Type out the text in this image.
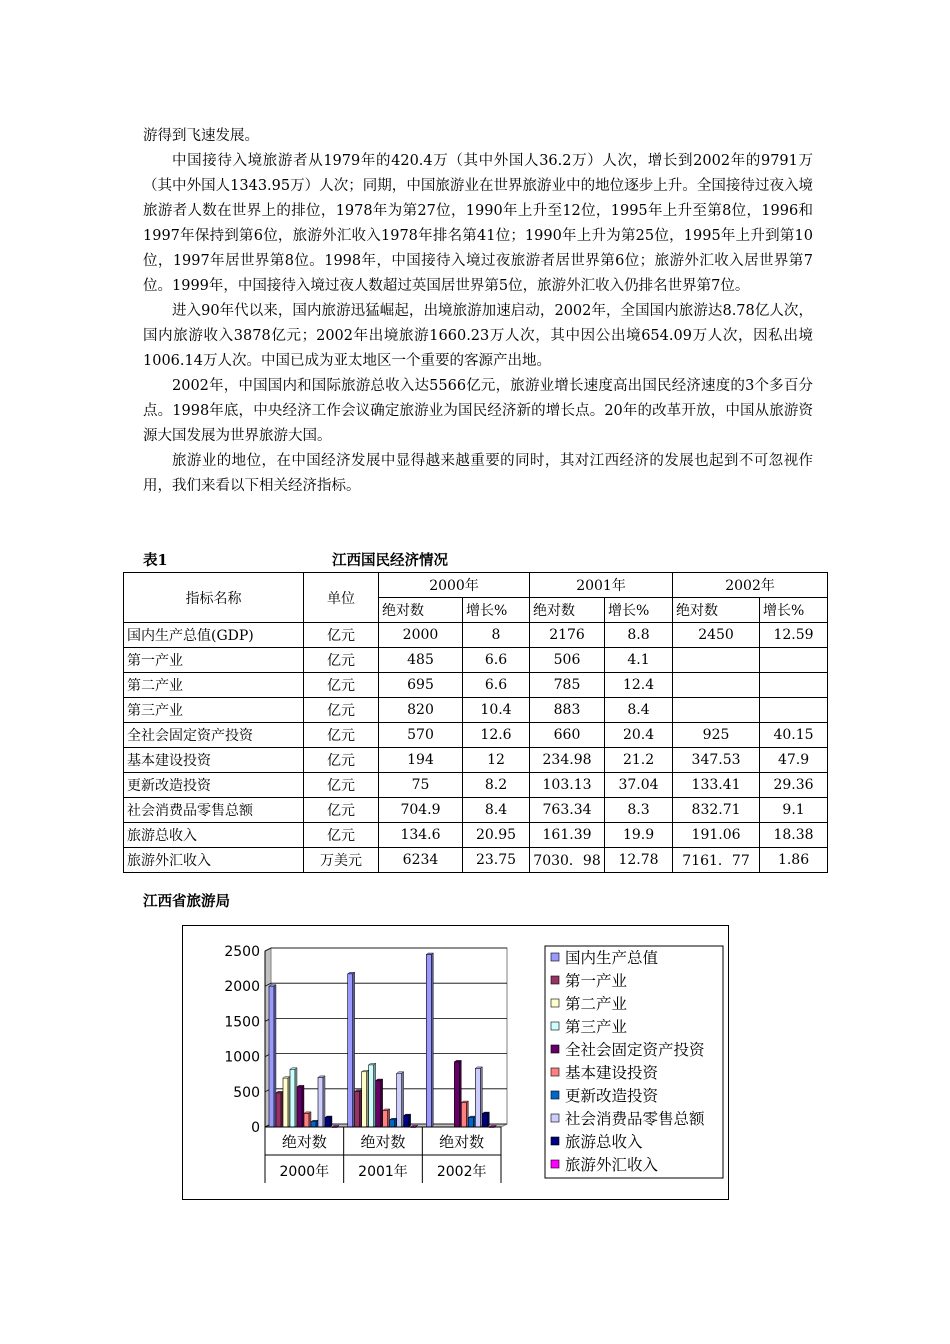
游得到飞速发展。

中国接待入境旅游者从1979年的420.4万（其中外国人36.2万）人次，增长到2002年的9791万（其中外国人1343.95万）人次；同期，中国旅游业在世界旅游业中的地位逐步上升。全国接待过夜入境旅游者人数在世界上的排位，1978年为第27位，1990年上升至12位，1995年上升至第8位，1996和1997年保持到第6位，旅游外汇收入1978年排名第41位；1990年上升为第25位，1995年上升到第10位，1997年居世界第8位。1998年，中国接待入境过夜旅游者居世界第6位；旅游外汇收入居世界第7位。1999年，中国接待入境过夜人数超过英国居世界第5位，旅游外汇收入仍排名世界第7位。

进入90年代以来，国内旅游迅猛崛起，出境旅游加速启动，2002年，全国国内旅游达8.78亿人次，国内旅游收入3878亿元；2002年出境旅游1660.23万人次，其中因公出境654.09万人次，因私出境1006.14万人次。中国已成为亚太地区一个重要的客源产出地。

2002年，中国国内和国际旅游总收入达5566亿元，旅游业增长速度高出国民经济速度的3个多百分点。1998年底，中央经济工作会议确定旅游业为国民经济新的增长点。20年的改革开放，中国从旅游资源大国发展为世界旅游大国。

旅游业的地位，在中国经济发展中显得越来越重要的同时，其对江西经济的发展也起到不可忽视作用，我们来看以下相关经济指标。

表1	江西国民经济情况
指标名称	单位	2000年		2001年		2002年	
		绝对数	增长%	绝对数	增长%	绝对数	增长%
国内生产总值(GDP)	亿元	2000	8	2176	8.8	2450	12.59
第一产业	亿元	485	6.6	506	4.1		
第二产业	亿元	695	6.6	785	12.4		
第三产业	亿元	820	10.4	883	8.4		
全社会固定资产投资	亿元	570	12.6	660	20.4	925	40.15
基本建设投资	亿元	194	12	234.98	21.2	347.53	47.9
更新改造投资	亿元	75	8.2	103.13	37.04	133.41	29.36
社会消费品零售总额	亿元	704.9	8.4	763.34	8.3	832.71	9.1
旅游总收入	亿元	134.6	20.95	161.39	19.9	191.06	18.38
旅游外汇收入	万美元	6234	23.75	7030．98	12.78	7161．77	1.86
江西省旅游局
0
500
1000
1500
2000
2500
绝对数
2000年
绝对数
2001年
绝对数
2002年
国内生产总值
第一产业
第二产业
第三产业
全社会固定资产投资
基本建设投资
更新改造投资
社会消费品零售总额
旅游总收入
旅游外汇收入
